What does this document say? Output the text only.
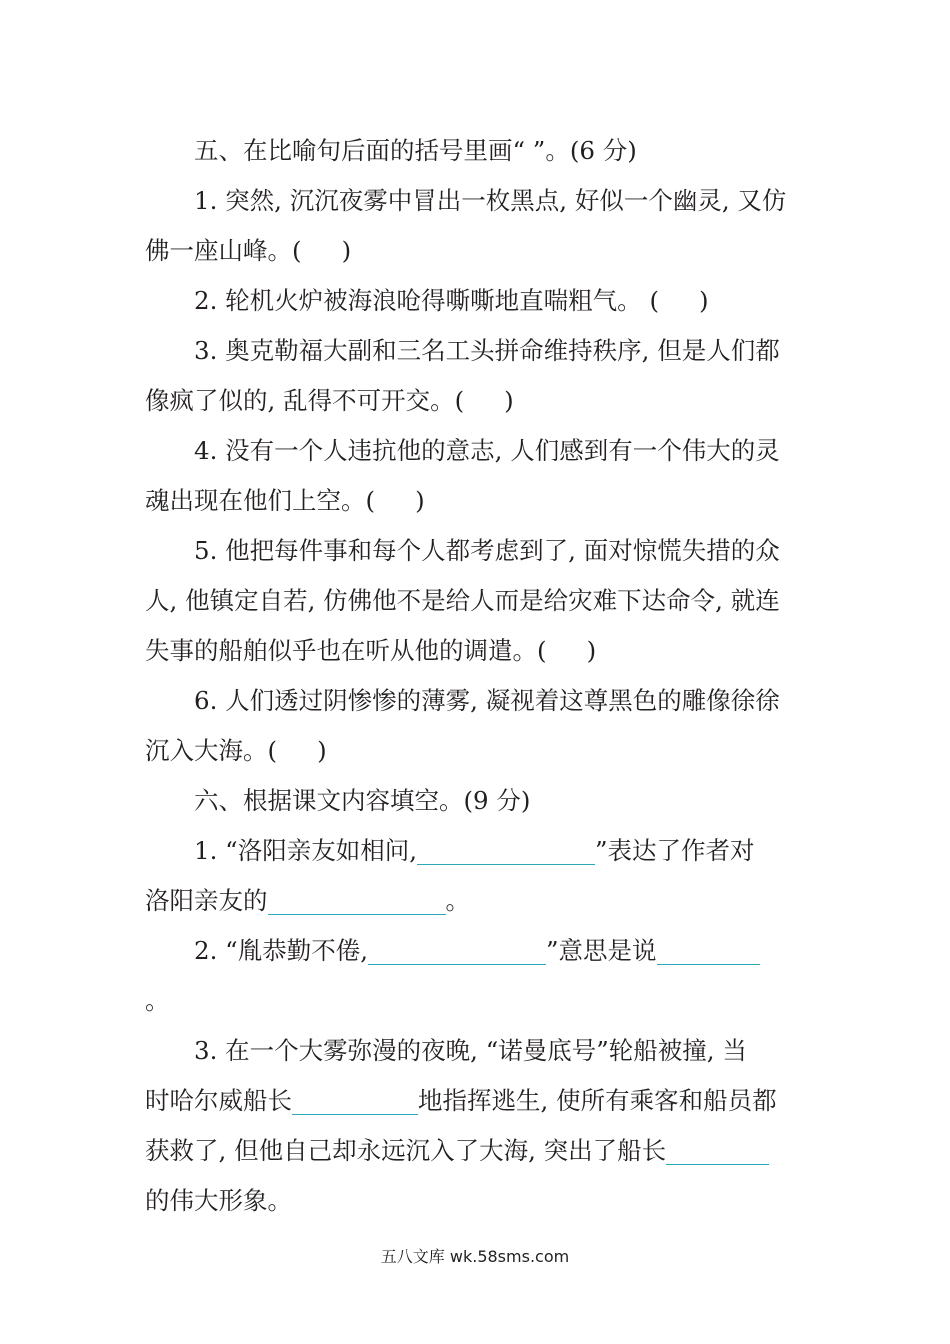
五、在比喻句后面的括号里画“ ”。(6 分)
1. 突然, 沉沉夜雾中冒出一枚黑点, 好似一个幽灵, 又仿
佛一座山峰。( )
2. 轮机火炉被海浪呛得嘶嘶地直喘粗气。 ( )
3. 奥克勒福大副和三名工头拼命维持秩序, 但是人们都
像疯了似的, 乱得不可开交。( )
4. 没有一个人违抗他的意志, 人们感到有一个伟大的灵
魂出现在他们上空。( )
5. 他把每件事和每个人都考虑到了, 面对惊慌失措的众
人, 他镇定自若, 仿佛他不是给人而是给灾难下达命令, 就连
失事的船舶似乎也在听从他的调遣。( )
6. 人们透过阴惨惨的薄雾, 凝视着这尊黑色的雕像徐徐
沉入大海。( )
六、根据课文内容填空。(9 分)
1. “洛阳亲友如相问,	”表达了作者对
洛阳亲友的	。
2. “胤恭勤不倦,	”意思是说
。
3. 在一个大雾弥漫的夜晚, “诺曼底号”轮船被撞, 当
时哈尔威船长	地指挥逃生, 使所有乘客和船员都
获救了, 但他自己却永远沉入了大海, 突出了船长
的伟大形象。
五八文库 wk.58sms.com
